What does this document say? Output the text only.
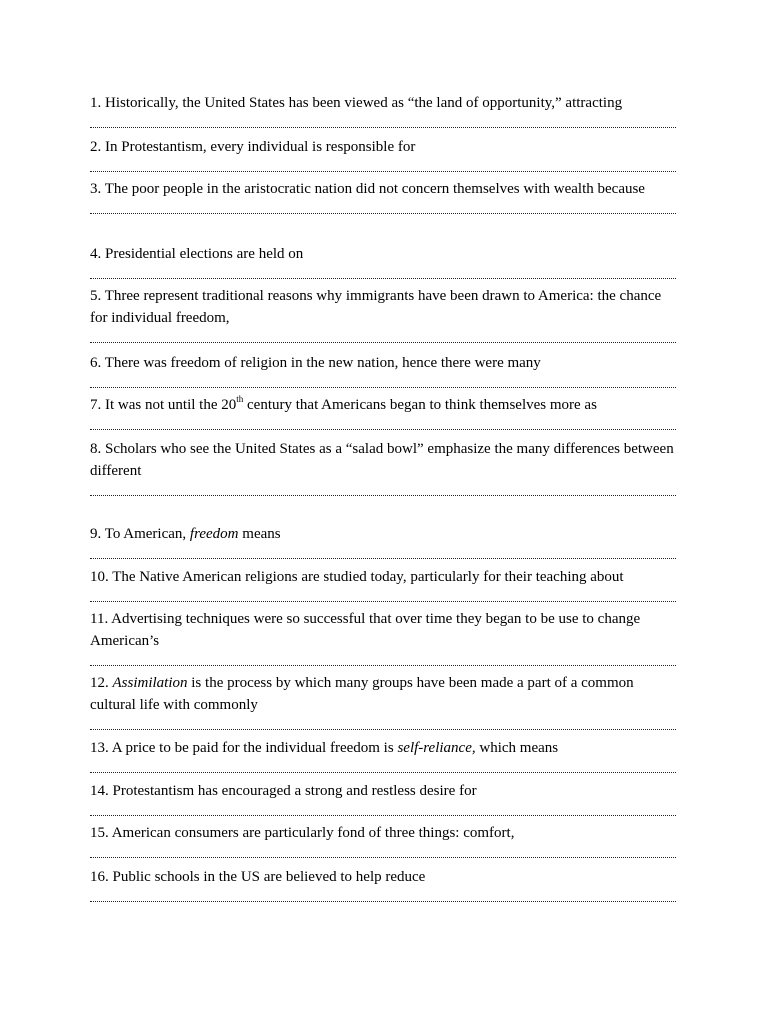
1. Historically, the United States has been viewed as “the land of opportunity,” attracting
2. In Protestantism, every individual is responsible for
3. The poor people in the aristocratic nation did not concern themselves with wealth because
4. Presidential elections are held on
5. Three represent traditional reasons why immigrants have been drawn to America: the chance for individual freedom,
6. There was freedom of religion in the new nation, hence there were many
7. It was not until the 20th century that Americans began to think themselves more as
8. Scholars who see the United States as a “salad bowl” emphasize the many differences between different
9. To American, freedom means
10. The Native American religions are studied today, particularly for their teaching about
11. Advertising techniques were so successful that over time they began to be use to change American’s
12. Assimilation is the process by which many groups have been made a part of a common cultural life with commonly
13. A price to be paid for the individual freedom is self-reliance, which means
14. Protestantism has encouraged a strong and restless desire for
15. American consumers are particularly fond of three things: comfort,
16. Public schools in the US are believed to help reduce
